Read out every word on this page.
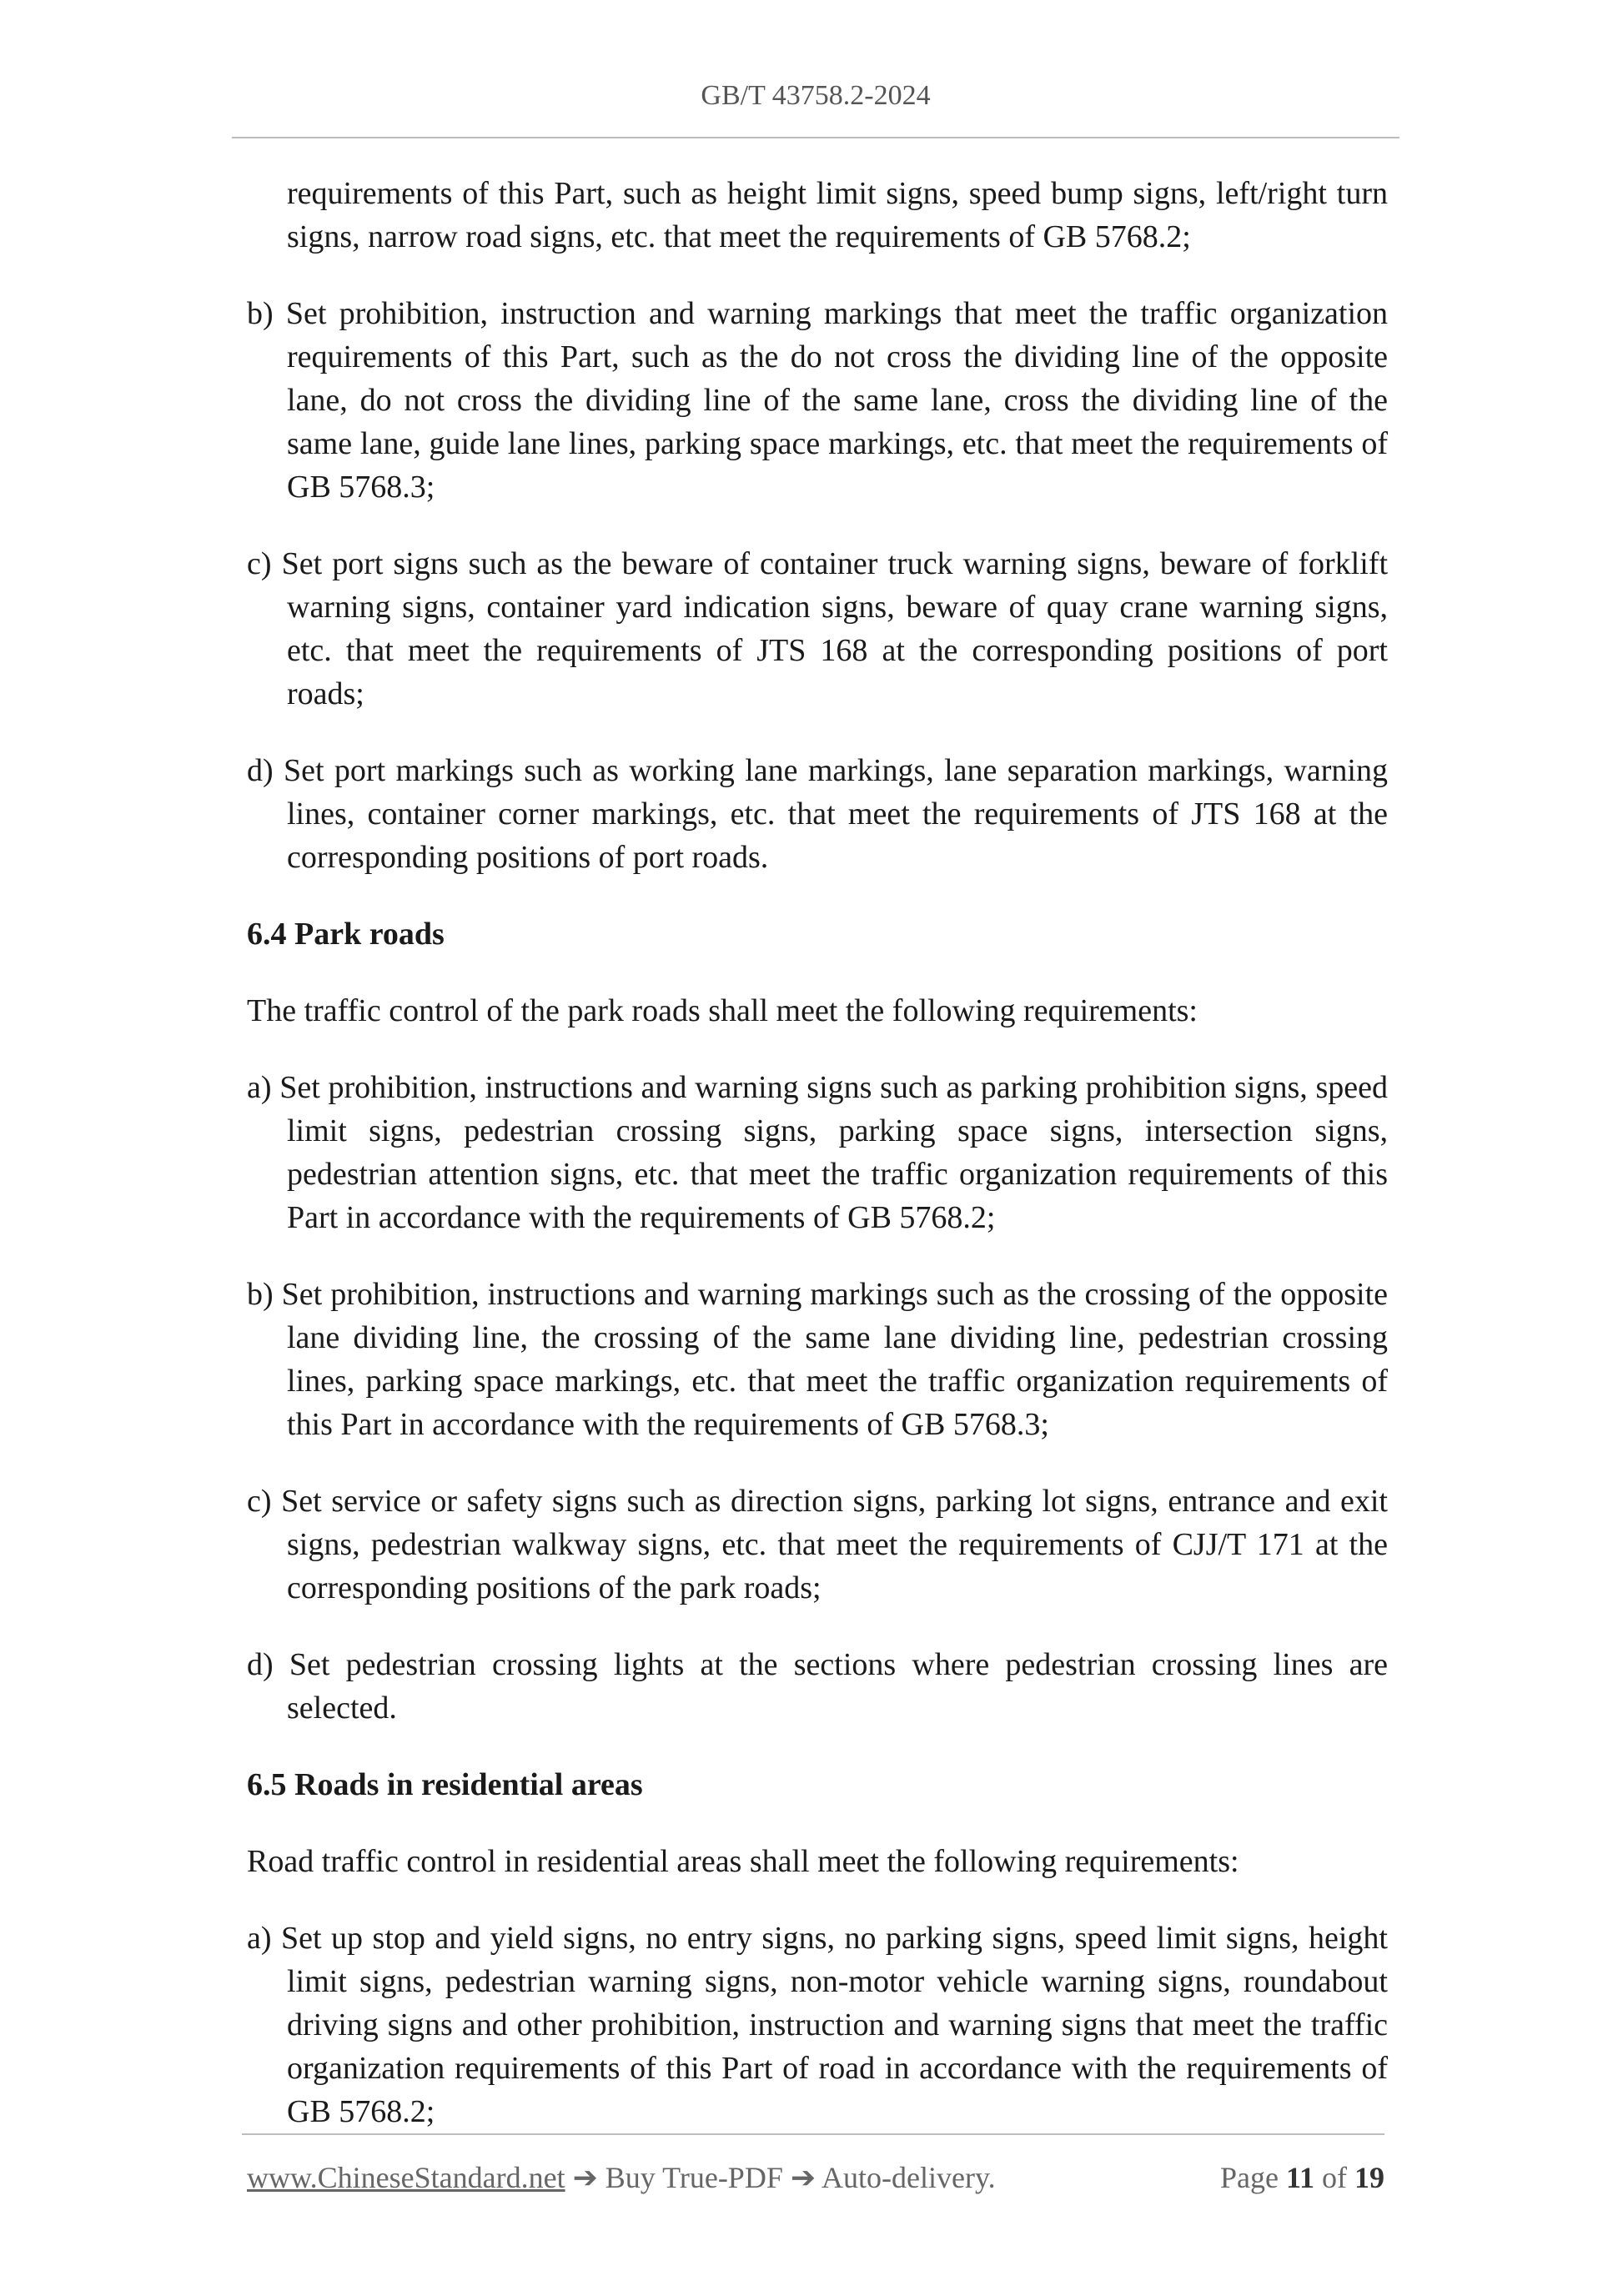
GB/T 43758.2-2024

requirements of this Part, such as height limit signs, speed bump signs, left/right turn signs, narrow road signs, etc. that meet the requirements of GB 5768.2;

b) Set prohibition, instruction and warning markings that meet the traffic organization requirements of this Part, such as the do not cross the dividing line of the opposite lane, do not cross the dividing line of the same lane, cross the dividing line of the same lane, guide lane lines, parking space markings, etc. that meet the requirements of GB 5768.3;

c) Set port signs such as the beware of container truck warning signs, beware of forklift warning signs, container yard indication signs, beware of quay crane warning signs, etc. that meet the requirements of JTS 168 at the corresponding positions of port roads;

d) Set port markings such as working lane markings, lane separation markings, warning lines, container corner markings, etc. that meet the requirements of JTS 168 at the corresponding positions of port roads.

6.4 Park roads

The traffic control of the park roads shall meet the following requirements:

a) Set prohibition, instructions and warning signs such as parking prohibition signs, speed limit signs, pedestrian crossing signs, parking space signs, intersection signs, pedestrian attention signs, etc. that meet the traffic organization requirements of this Part in accordance with the requirements of GB 5768.2;

b) Set prohibition, instructions and warning markings such as the crossing of the opposite lane dividing line, the crossing of the same lane dividing line, pedestrian crossing lines, parking space markings, etc. that meet the traffic organization requirements of this Part in accordance with the requirements of GB 5768.3;

c) Set service or safety signs such as direction signs, parking lot signs, entrance and exit signs, pedestrian walkway signs, etc. that meet the requirements of CJJ/T 171 at the corresponding positions of the park roads;

d) Set pedestrian crossing lights at the sections where pedestrian crossing lines are selected.

6.5 Roads in residential areas

Road traffic control in residential areas shall meet the following requirements:

a) Set up stop and yield signs, no entry signs, no parking signs, speed limit signs, height limit signs, pedestrian warning signs, non-motor vehicle warning signs, roundabout driving signs and other prohibition, instruction and warning signs that meet the traffic organization requirements of this Part of road in accordance with the requirements of GB 5768.2;

www.ChineseStandard.net ➔ Buy True-PDF ➔ Auto-delivery.	Page 11 of 19
